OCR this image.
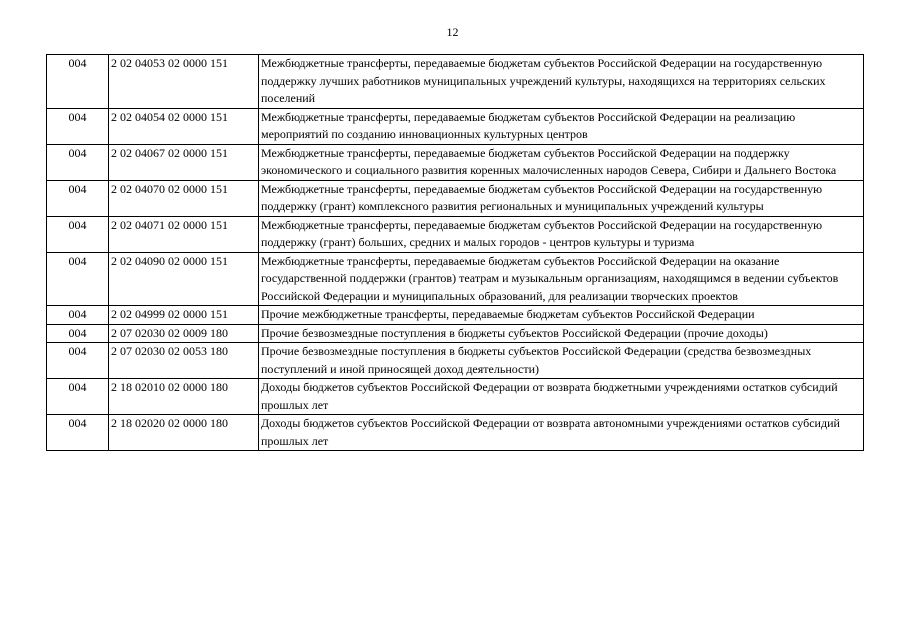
12
004	2 02 04053 02 0000 151	Межбюджетные трансферты, передаваемые бюджетам субъектов Российской Федерации на государственную поддержку лучших работников муниципальных учреждений культуры, находящихся на территориях сельских поселений
004	2 02 04054 02 0000 151	Межбюджетные трансферты, передаваемые бюджетам субъектов Российской Федерации на реализацию мероприятий по созданию инновационных культурных центров
004	2 02 04067 02 0000 151	Межбюджетные трансферты, передаваемые бюджетам субъектов Российской Федерации на поддержку экономического и социального развития коренных малочисленных народов Севера, Сибири и Дальнего Востока
004	2 02 04070 02 0000 151	Межбюджетные трансферты, передаваемые бюджетам субъектов Российской Федерации на государственную поддержку (грант) комплексного развития региональных и муниципальных учреждений культуры
004	2 02 04071 02 0000 151	Межбюджетные трансферты, передаваемые бюджетам субъектов Российской Федерации на государственную поддержку (грант) больших, средних и малых городов - центров культуры и туризма
004	2 02 04090 02 0000 151	Межбюджетные трансферты, передаваемые бюджетам субъектов Российской Федерации на оказание государственной поддержки (грантов) театрам и музыкальным организациям, находящимся в ведении субъектов Российской Федерации и муниципальных образований, для реализации творческих проектов
004	2 02 04999 02 0000 151	Прочие межбюджетные трансферты, передаваемые бюджетам субъектов Российской Федерации
004	2 07 02030 02 0009 180	Прочие безвозмездные поступления в бюджеты субъектов Российской Федерации (прочие доходы)
004	2 07 02030 02 0053 180	Прочие безвозмездные поступления в бюджеты субъектов Российской Федерации (средства безвозмездных поступлений и иной приносящей доход деятельности)
004	2 18 02010 02 0000 180	Доходы бюджетов субъектов Российской Федерации от возврата бюджетными учреждениями остатков субсидий прошлых лет
004	2 18 02020 02 0000 180	Доходы бюджетов субъектов Российской Федерации от возврата автономными учреждениями остатков субсидий прошлых лет
